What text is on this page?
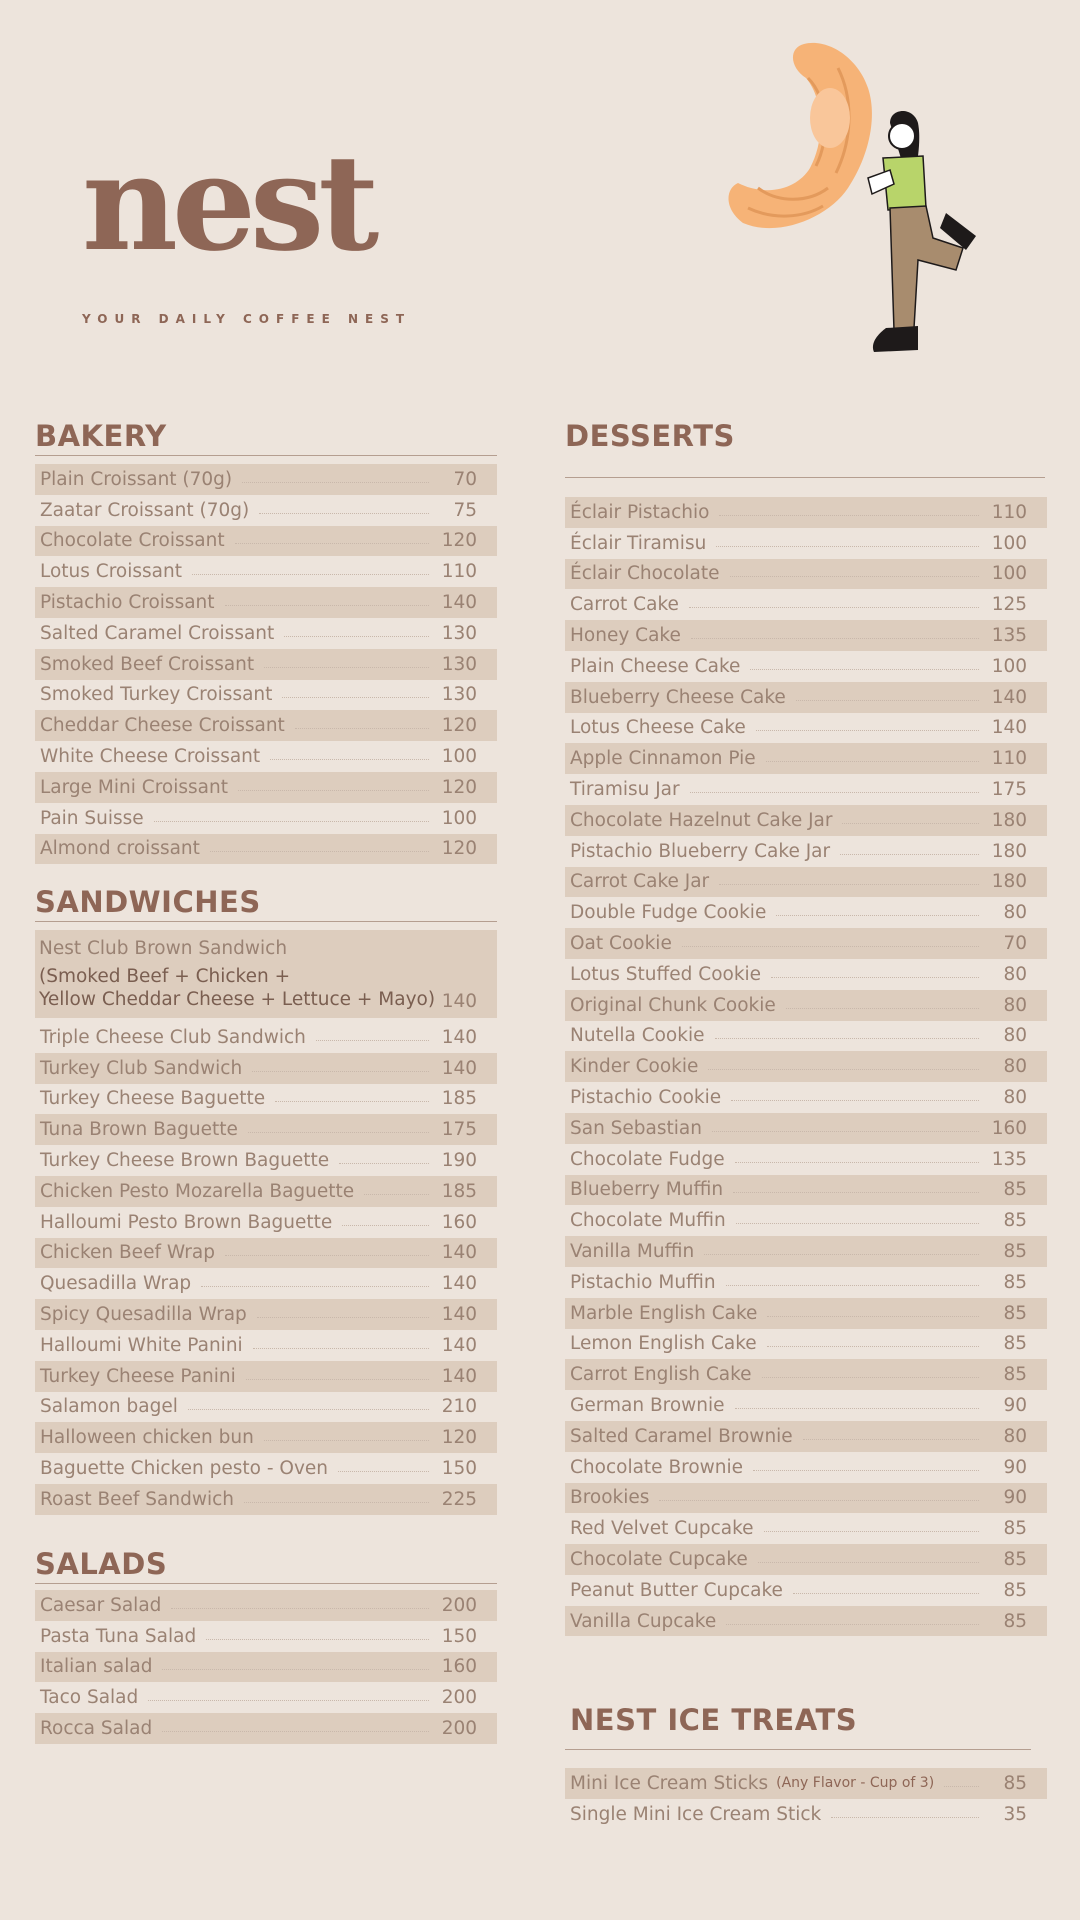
nest
YOUR DAILY COFFEE NEST
BAKERY
Plain Croissant (70g)	70
Zaatar Croissant (70g)	75
Chocolate Croissant	120
Lotus Croissant	110
Pistachio Croissant	140
Salted Caramel Croissant	130
Smoked Beef Croissant	130
Smoked Turkey Croissant	130
Cheddar Cheese Croissant	120
White Cheese Croissant	100
Large Mini Croissant	120
Pain Suisse	100
Almond croissant	120
SANDWICHES
Nest Club Brown Sandwich
(Smoked Beef + Chicken +
Yellow Cheddar Cheese + Lettuce + Mayo) 140
Triple Cheese Club Sandwich	140
Turkey Club Sandwich	140
Turkey Cheese Baguette	185
Tuna Brown Baguette	175
Turkey Cheese Brown Baguette	190
Chicken Pesto Mozarella Baguette	185
Halloumi Pesto Brown Baguette	160
Chicken Beef Wrap	140
Quesadilla Wrap	140
Spicy Quesadilla Wrap	140
Halloumi White Panini	140
Turkey Cheese Panini	140
Salamon bagel	210
Halloween chicken bun	120
Baguette Chicken pesto - Oven	150
Roast Beef Sandwich	225
SALADS
Caesar Salad	200
Pasta Tuna Salad	150
Italian salad	160
Taco Salad	200
Rocca Salad	200
DESSERTS
Éclair Pistachio	110
Éclair Tiramisu	100
Éclair Chocolate	100
Carrot Cake	125
Honey Cake	135
Plain Cheese Cake	100
Blueberry Cheese Cake	140
Lotus Cheese Cake	140
Apple Cinnamon Pie	110
Tiramisu Jar	175
Chocolate Hazelnut Cake Jar	180
Pistachio Blueberry Cake Jar	180
Carrot Cake Jar	180
Double Fudge Cookie	80
Oat Cookie	70
Lotus Stuffed Cookie	80
Original Chunk Cookie	80
Nutella Cookie	80
Kinder Cookie	80
Pistachio Cookie	80
San Sebastian	160
Chocolate Fudge	135
Blueberry Muffin	85
Chocolate Muffin	85
Vanilla Muffin	85
Pistachio Muffin	85
Marble English Cake	85
Lemon English Cake	85
Carrot English Cake	85
German Brownie	90
Salted Caramel Brownie	80
Chocolate Brownie	90
Brookies	90
Red Velvet Cupcake	85
Chocolate Cupcake	85
Peanut Butter Cupcake	85
Vanilla Cupcake	85
NEST ICE TREATS
Mini Ice Cream Sticks (Any Flavor - Cup of 3)	85
Single Mini Ice Cream Stick	35
